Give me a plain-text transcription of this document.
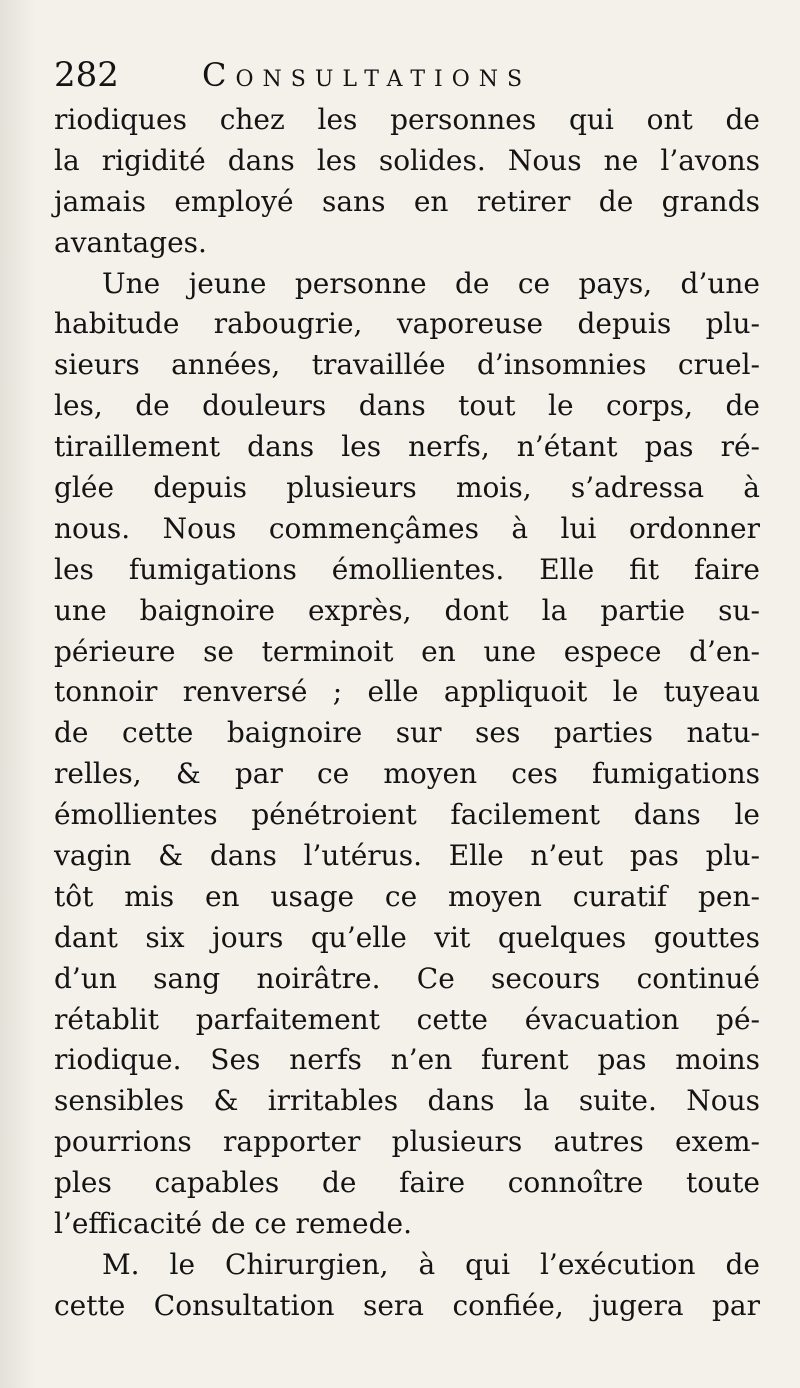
282	Consultations
riodiques chez les personnes qui ont de
la rigidité dans les solides. Nous ne l’avons
jamais employé sans en retirer de grands
avantages.
Une jeune personne de ce pays, d’une
habitude rabougrie, vaporeuse depuis plu-
sieurs années, travaillée d’insomnies cruel-
les, de douleurs dans tout le corps, de
tiraillement dans les nerfs, n’étant pas ré-
glée depuis plusieurs mois, s’adressa à
nous. Nous commençâmes à lui ordonner
les fumigations émollientes. Elle fit faire
une baignoire exprès, dont la partie su-
périeure se terminoit en une espece d’en-
tonnoir renversé ; elle appliquoit le tuyeau
de cette baignoire sur ses parties natu-
relles, & par ce moyen ces fumigations
émollientes pénétroient facilement dans le
vagin & dans l’utérus. Elle n’eut pas plu-
tôt mis en usage ce moyen curatif pen-
dant six jours qu’elle vit quelques gouttes
d’un sang noirâtre. Ce secours continué
rétablit parfaitement cette évacuation pé-
riodique. Ses nerfs n’en furent pas moins
sensibles & irritables dans la suite. Nous
pourrions rapporter plusieurs autres exem-
ples capables de faire connoître toute
l’efficacité de ce remede.
M. le Chirurgien, à qui l’exécution de
cette Consultation sera confiée, jugera par
